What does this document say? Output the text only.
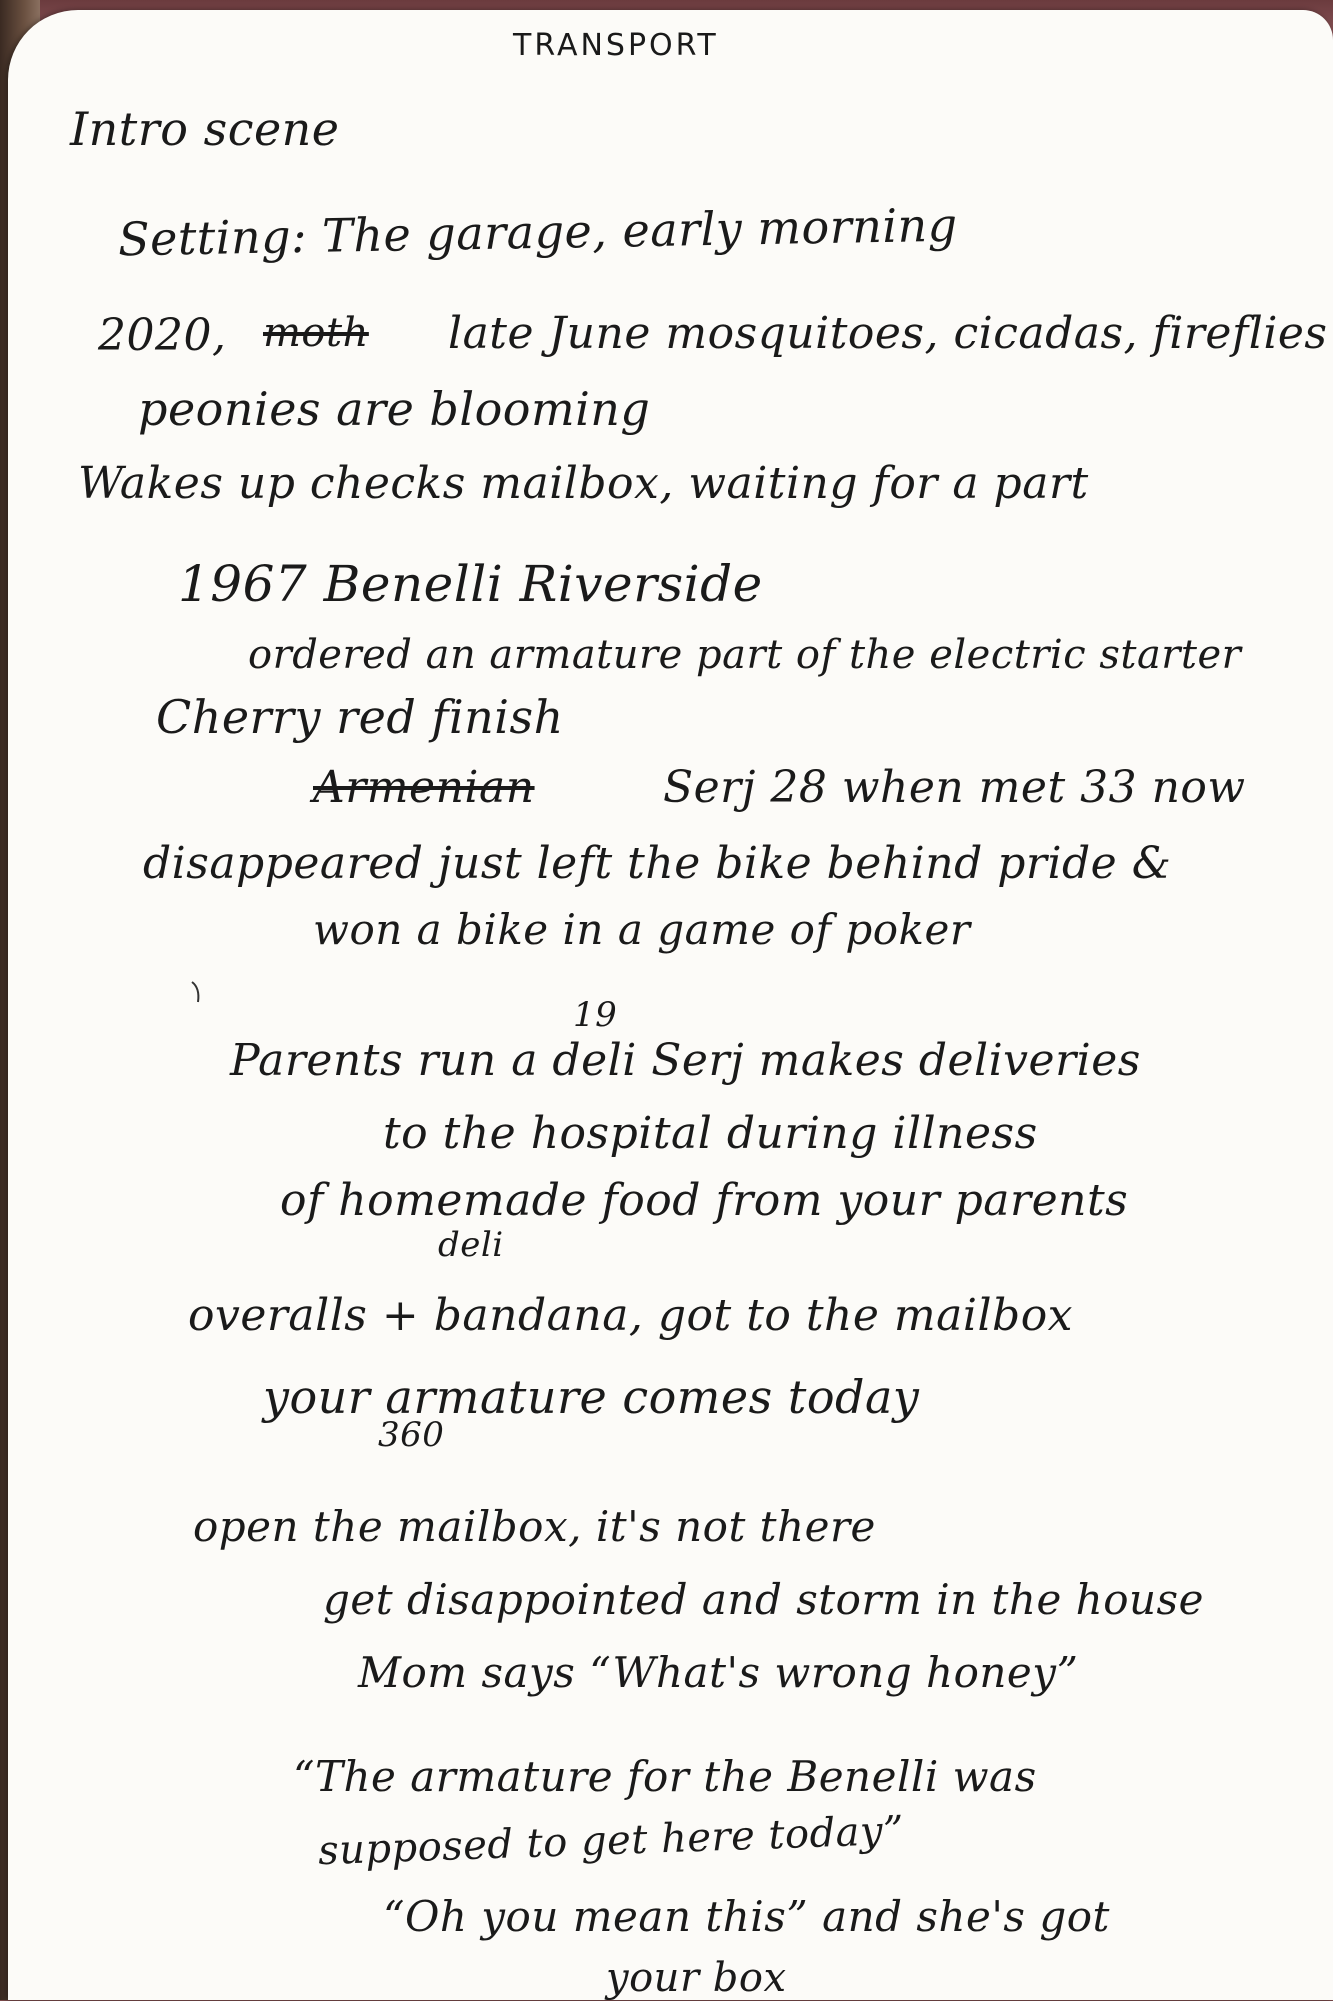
TRANSPORT

Intro scene

Setting: The garage, early morning

2020, moth late June mosquitoes, cicadas, fireflies

peonies are blooming

Wakes up checks mailbox, waiting for a part

1967 Benelli Riverside

ordered an armature part of the electric starter

Cherry red finish

Armenian	Serj 28 when met 33 now

disappeared just left the bike behind pride &

won a bike in a game of poker

19

Parents run a deli Serj makes deliveries

to the hospital during illness

of homemade food from your parents

deli

overalls + bandana, got to the mailbox

your armature comes today

360

open the mailbox, it's not there

get disappointed and storm in the house

Mom says “What's wrong honey”

“The armature for the Benelli was

supposed to get here today”

“Oh you mean this” and she's got

your box
